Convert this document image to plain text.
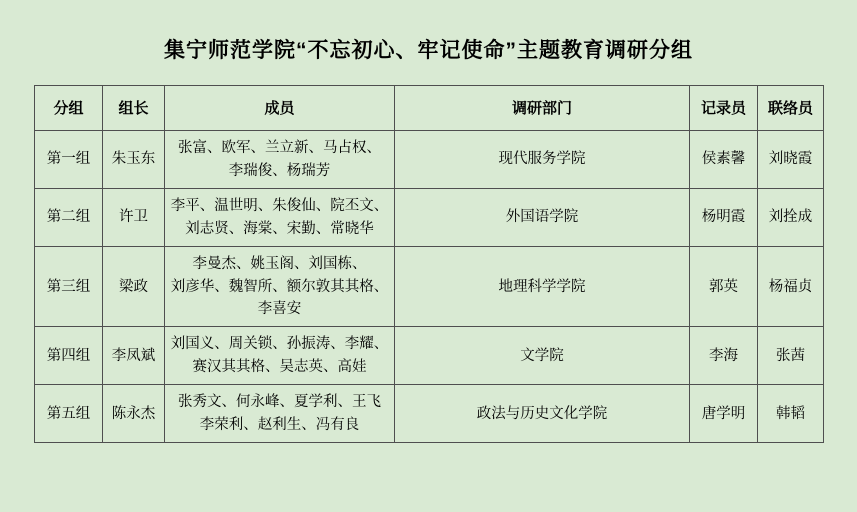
集宁师范学院“不忘初心、牢记使命”主题教育调研分组
分组	组长	成员	调研部门	记录员	联络员
第一组	朱玉东	张富、欧军、兰立新、马占权、
李瑞俊、杨瑞芳	现代服务学院	侯素馨	刘晓霞
第二组	许卫	李平、温世明、朱俊仙、院丕文、
刘志贤、海棠、宋勤、常晓华	外国语学院	杨明霞	刘拴成
第三组	梁政	李曼杰、姚玉阁、刘国栋、
刘彦华、魏智所、额尔敦其其格、
李喜安	地理科学学院	郭英	杨福贞
第四组	李凤斌	刘国义、周关锁、孙振涛、李耀、
赛汉其其格、吴志英、高娃	文学院	李海	张茜
第五组	陈永杰	张秀文、何永峰、夏学利、王飞
李荣利、赵利生、冯有良	政法与历史文化学院	唐学明	韩韬
